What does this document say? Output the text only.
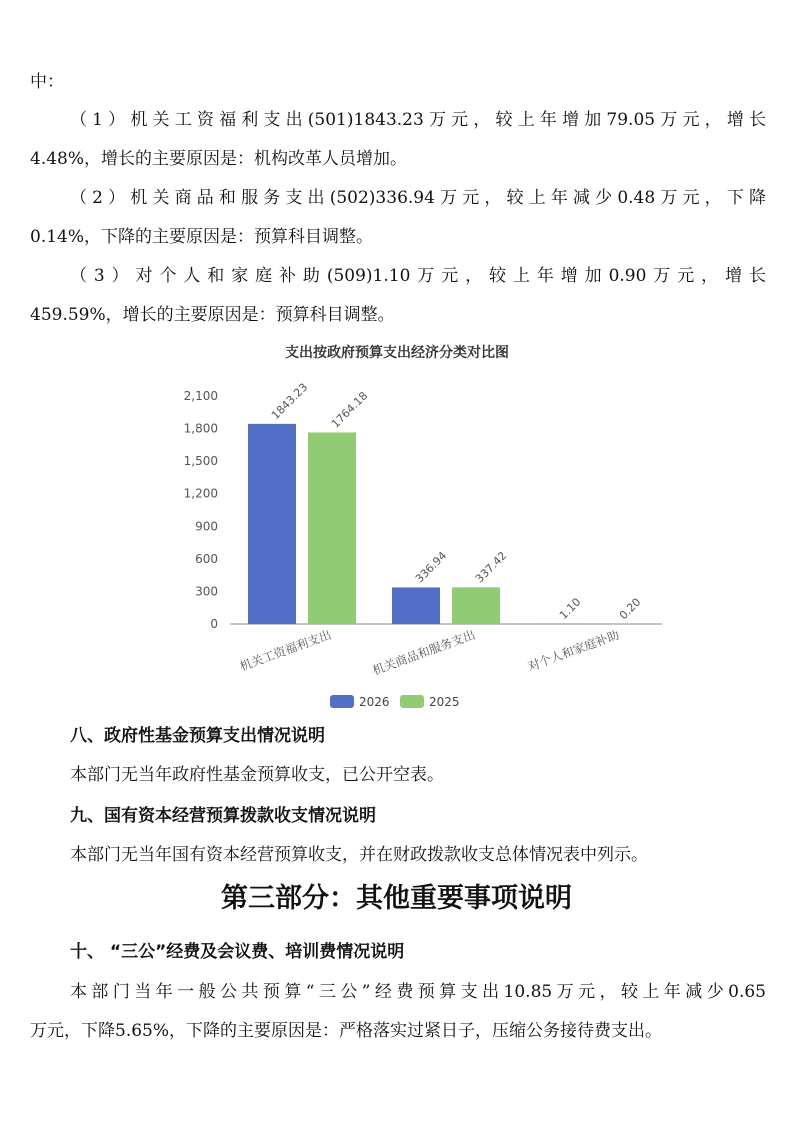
中：
（1）机关工资福利支出(501)1843.23万元，较上年增加79.05万元，增长
4.48%，增长的主要原因是：机构改革人员增加。
（2）机关商品和服务支出(502)336.94万元，较上年减少0.48万元，下降
0.14%，下降的主要原因是：预算科目调整。
（3）对个人和家庭补助(509)1.10万元，较上年增加0.90万元，增长
459.59%，增长的主要原因是：预算科目调整。
支出按政府预算支出经济分类对比图
0
300
600
900
1,200
1,500
1,800
2,100	1843.23 1764.18
336.94 337.42
1.10	0.20
机关工资福利支出	机关商品和服务支出	对个人和家庭补助
2026	2025
八、政府性基金预算支出情况说明
本部门无当年政府性基金预算收支，已公开空表。
九、国有资本经营预算拨款收支情况说明
本部门无当年国有资本经营预算收支，并在财政拨款收支总体情况表中列示。
第三部分：其他重要事项说明
十、 “三公”经费及会议费、培训费情况说明
本部门当年一般公共预算“三公”经费预算支出10.85万元，较上年减少0.65
万元，下降5.65%，下降的主要原因是：严格落实过紧日子，压缩公务接待费支出。
